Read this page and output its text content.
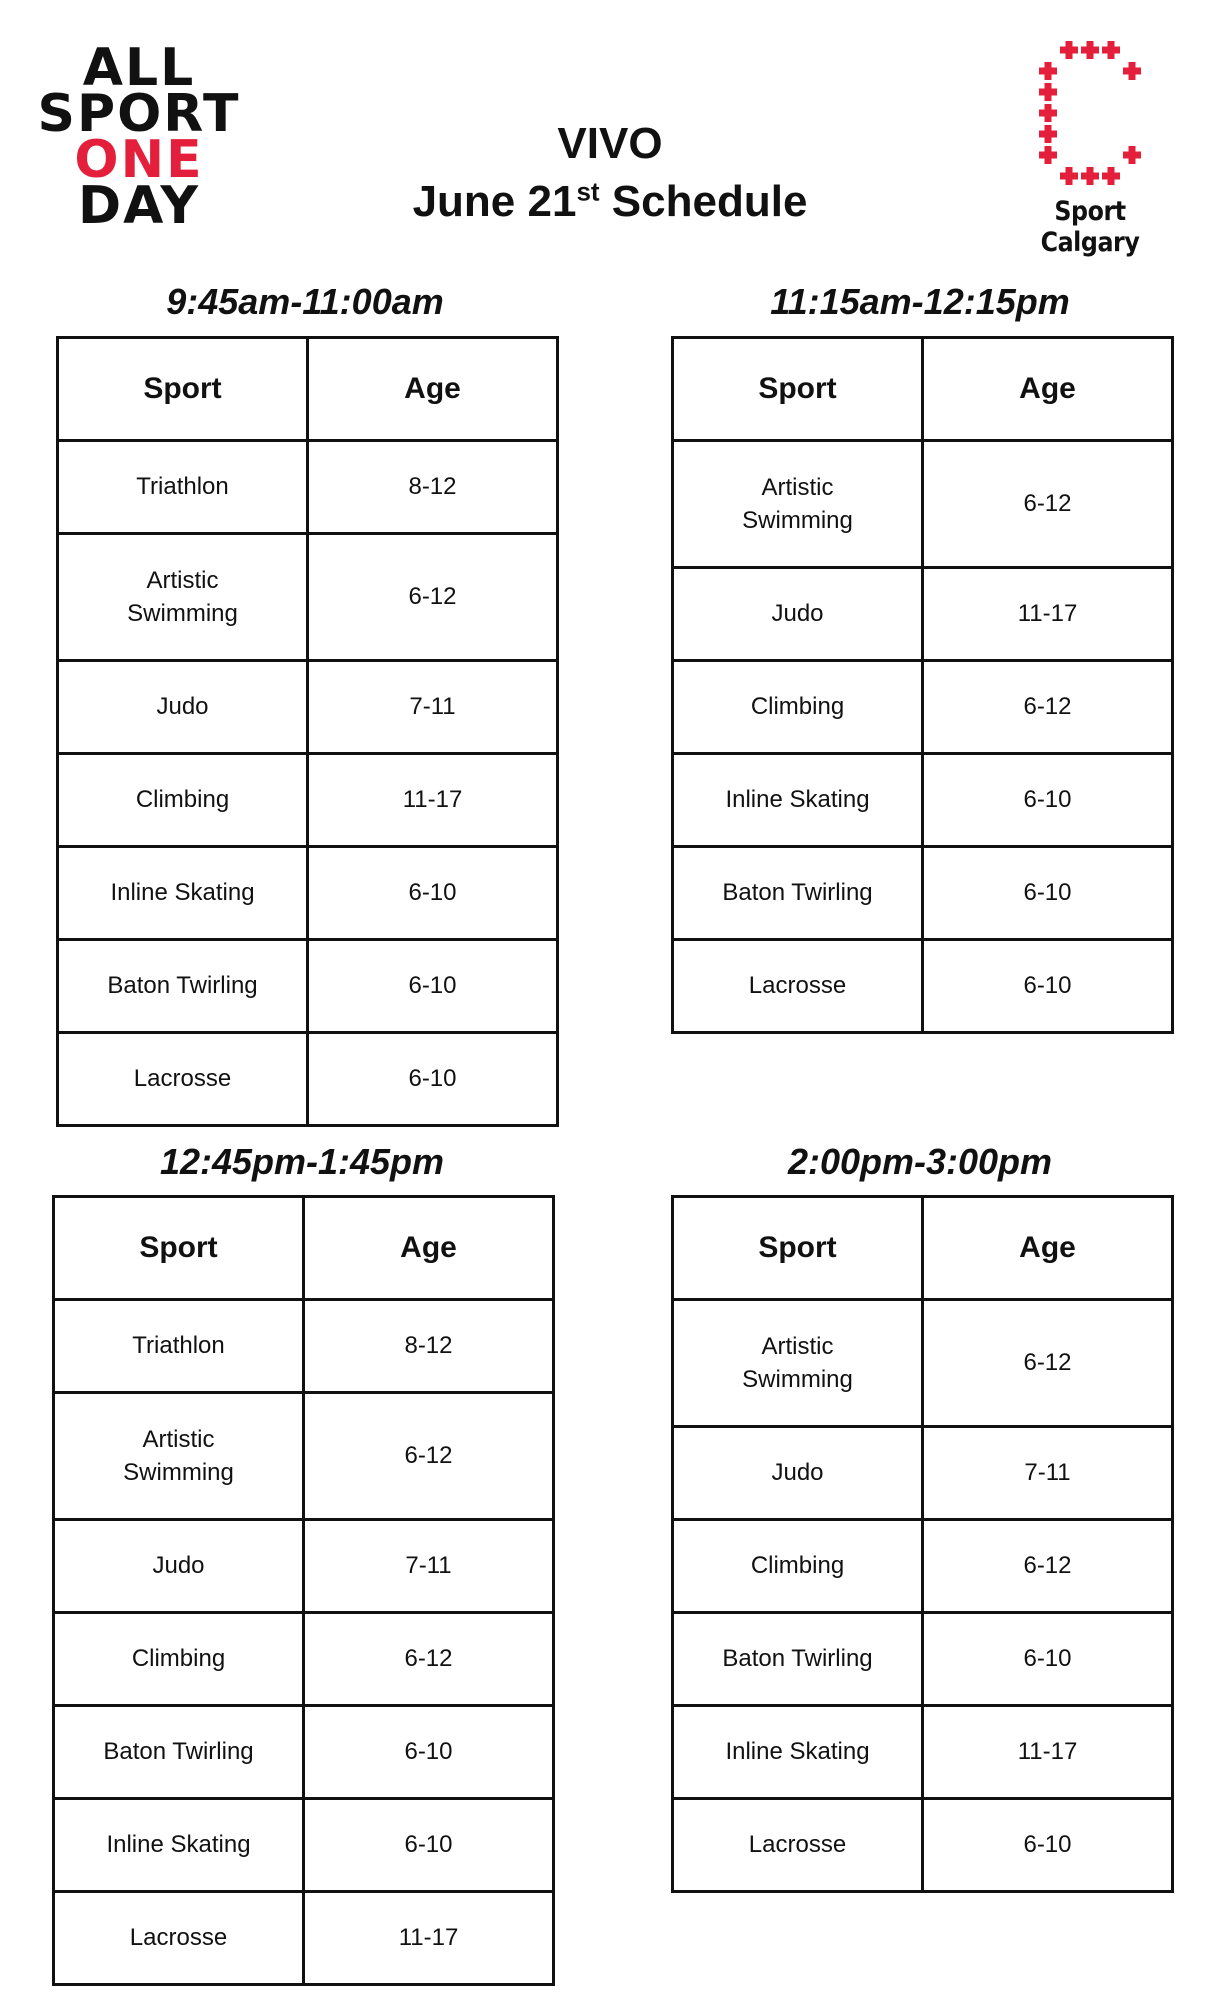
ALL
SPORT
ONE
DAY
VIVO
June 21st Schedule	Sport Calgary
9:45am-11:00am
Sport	Age
Triathlon	8-12
Artistic
Swimming	6-12
Judo	7-11
Climbing	11-17
Inline Skating	6-10
Baton Twirling	6-10
Lacrosse	6-10
11:15am-12:15pm
Sport	Age
Artistic
Swimming	6-12
Judo	11-17
Climbing	6-12
Inline Skating	6-10
Baton Twirling	6-10
Lacrosse	6-10
12:45pm-1:45pm
Sport	Age
Triathlon	8-12
Artistic
Swimming	6-12
Judo	7-11
Climbing	6-12
Baton Twirling	6-10
Inline Skating	6-10
Lacrosse	11-17
2:00pm-3:00pm
Sport	Age
Artistic
Swimming	6-12
Judo	7-11
Climbing	6-12
Baton Twirling	6-10
Inline Skating	11-17
Lacrosse	6-10
